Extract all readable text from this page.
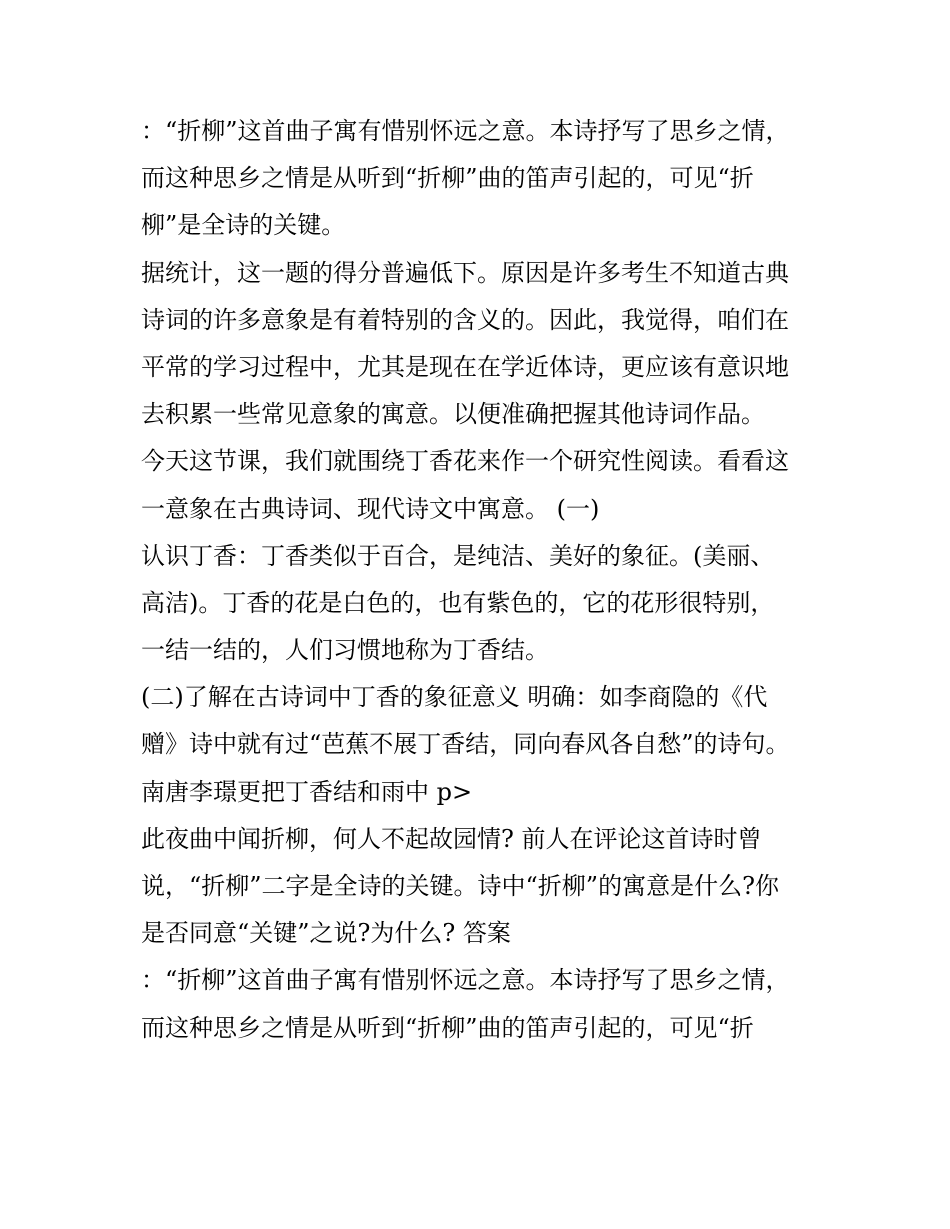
：“折柳”这首曲子寓有惜别怀远之意。本诗抒写了思乡之情，
而这种思乡之情是从听到“折柳”曲的笛声引起的，可见“折
柳”是全诗的关键。
据统计，这一题的得分普遍低下。原因是许多考生不知道古典
诗词的许多意象是有着特别的含义的。因此，我觉得，咱们在
平常的学习过程中，尤其是现在在学近体诗，更应该有意识地
去积累一些常见意象的寓意。以便准确把握其他诗词作品。
今天这节课，我们就围绕丁香花来作一个研究性阅读。看看这
一意象在古典诗词、现代诗文中寓意。 (一)
认识丁香：丁香类似于百合，是纯洁、美好的象征。(美丽、
高洁)。丁香的花是白色的，也有紫色的，它的花形很特别，
一结一结的，人们习惯地称为丁香结。
(二)了解在古诗词中丁香的象征意义 明确：如李商隐的《代
赠》诗中就有过“芭蕉不展丁香结，同向春风各自愁”的诗句。
南唐李璟更把丁香结和雨中 p>
此夜曲中闻折柳，何人不起故园情? 前人在评论这首诗时曾
说，“折柳”二字是全诗的关键。诗中“折柳”的寓意是什么?你
是否同意“关键”之说?为什么? 答案
：“折柳”这首曲子寓有惜别怀远之意。本诗抒写了思乡之情，
而这种思乡之情是从听到“折柳”曲的笛声引起的，可见“折
